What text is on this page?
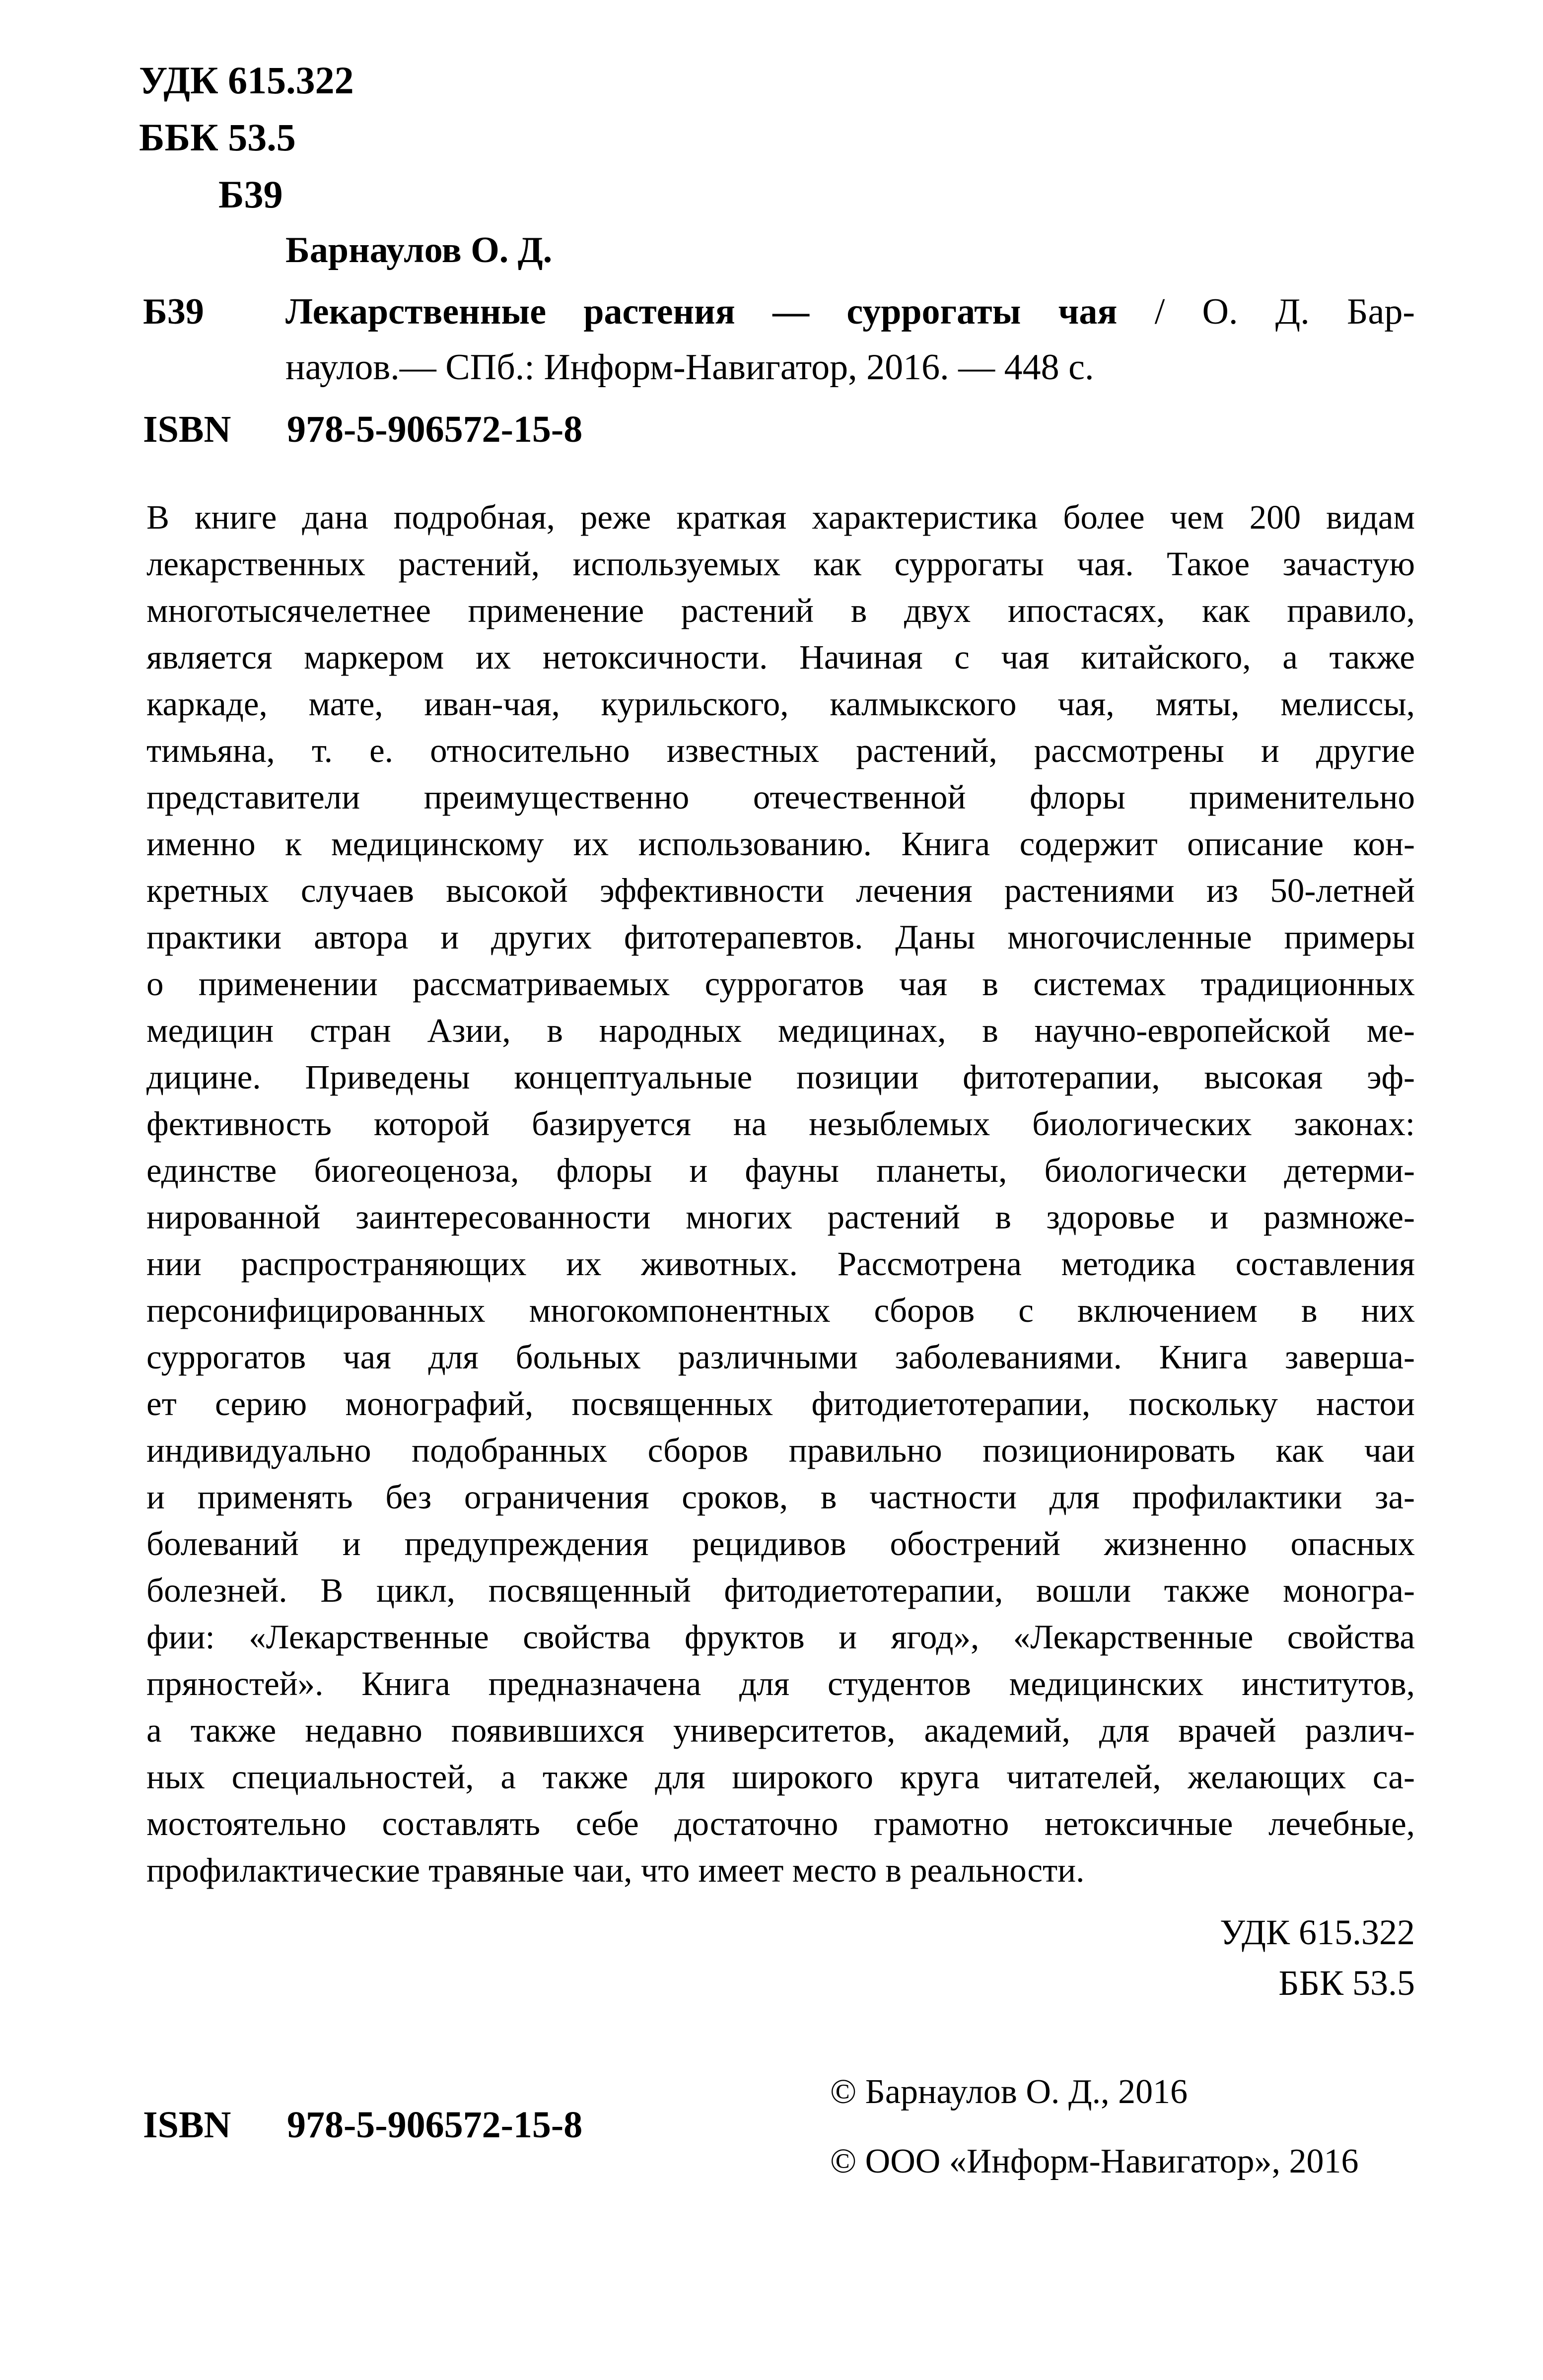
УДК 615.322
ББК 53.5
Б39
Барнаулов О. Д.
Б39 Лекарственные растения — суррогаты чая / О. Д. Бар-
наулов.— СПб.: Информ-Навигатор, 2016. — 448 с.
ISBN 978-5-906572-15-8
В книге дана подробная, реже краткая характеристика более чем 200 видам
лекарственных растений, используемых как суррогаты чая. Такое зачастую
многотысячелетнее применение растений в двух ипостасях, как правило,
является маркером их нетоксичности. Начиная с чая китайского, а также
каркаде, мате, иван-чая, курильского, калмыкского чая, мяты, мелиссы,
тимьяна, т. е. относительно известных растений, рассмотрены и другие
представители преимущественно отечественной флоры применительно
именно к медицинскому их использованию. Книга содержит описание кон-
кретных случаев высокой эффективности лечения растениями из 50-летней
практики автора и других фитотерапевтов. Даны многочисленные примеры
о применении рассматриваемых суррогатов чая в системах традиционных
медицин стран Азии, в народных медицинах, в научно-европейской ме-
дицине. Приведены концептуальные позиции фитотерапии, высокая эф-
фективность которой базируется на незыблемых биологических законах:
единстве биогеоценоза, флоры и фауны планеты, биологически детерми-
нированной заинтересованности многих растений в здоровье и размноже-
нии распространяющих их животных. Рассмотрена методика составления
персонифицированных многокомпонентных сборов с включением в них
суррогатов чая для больных различными заболеваниями. Книга заверша-
ет серию монографий, посвященных фитодиетотерапии, поскольку настои
индивидуально подобранных сборов правильно позиционировать как чаи
и применять без ограничения сроков, в частности для профилактики за-
болеваний и предупреждения рецидивов обострений жизненно опасных
болезней. В цикл, посвященный фитодиетотерапии, вошли также моногра-
фии: «Лекарственные свойства фруктов и ягод», «Лекарственные свойства
пряностей». Книга предназначена для студентов медицинских институтов,
а также недавно появившихся университетов, академий, для врачей различ-
ных специальностей, а также для широкого круга читателей, желающих са-
мостоятельно составлять себе достаточно грамотно нетоксичные лечебные,
профилактические травяные чаи, что имеет место в реальности.
УДК 615.322
ББК 53.5
ISBN 978-5-906572-15-8
© Барнаулов О. Д., 2016
© ООО «Информ-Навигатор», 2016
